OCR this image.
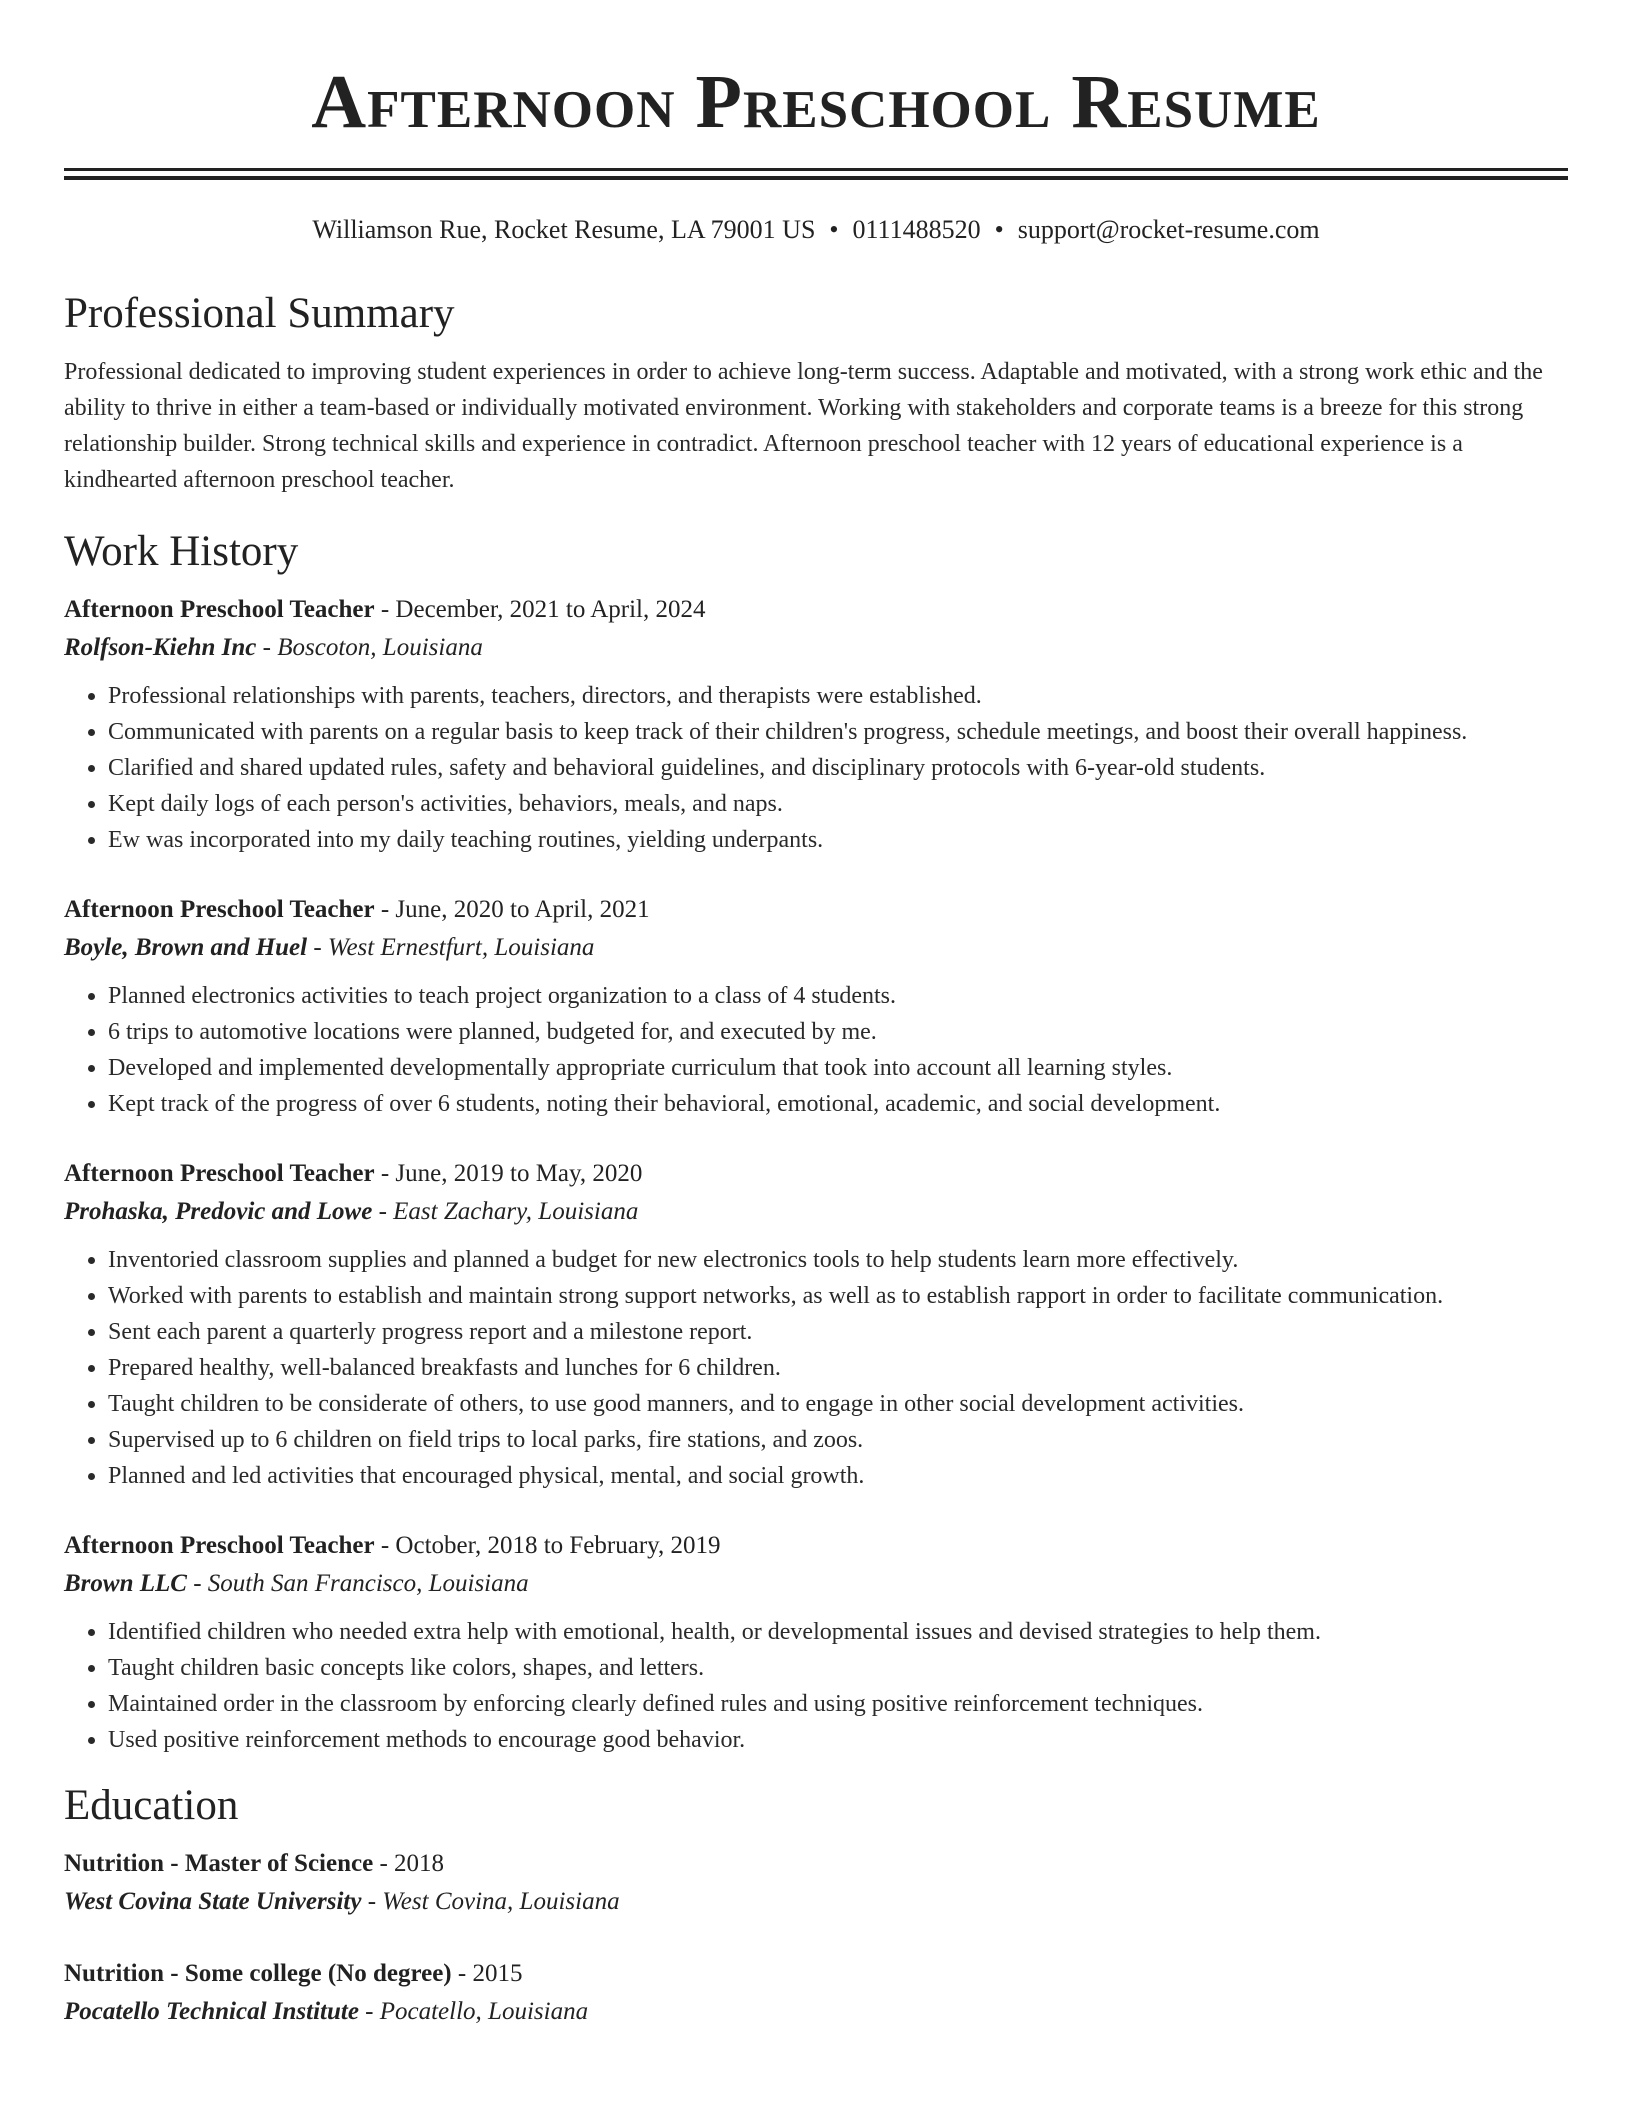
Afternoon Preschool Resume
Williamson Rue, Rocket Resume, LA 79001 US • 0111488520 • support@rocket-resume.com
Professional Summary

Professional dedicated to improving student experiences in order to achieve long-term success. Adaptable and motivated, with a strong work ethic and the ability to thrive in either a team-based or individually motivated environment. Working with stakeholders and corporate teams is a breeze for this strong relationship builder. Strong technical skills and experience in contradict. Afternoon preschool teacher with 12 years of educational experience is a kindhearted afternoon preschool teacher.

Work History
Afternoon Preschool Teacher - December, 2021 to April, 2024
Rolfson-Kiehn Inc - Boscoton, Louisiana
• Professional relationships with parents, teachers, directors, and therapists were established.
• Communicated with parents on a regular basis to keep track of their children's progress, schedule meetings, and boost their overall happiness.
• Clarified and shared updated rules, safety and behavioral guidelines, and disciplinary protocols with 6-year-old students.
• Kept daily logs of each person's activities, behaviors, meals, and naps.
• Ew was incorporated into my daily teaching routines, yielding underpants.
Afternoon Preschool Teacher - June, 2020 to April, 2021
Boyle, Brown and Huel - West Ernestfurt, Louisiana
• Planned electronics activities to teach project organization to a class of 4 students.
• 6 trips to automotive locations were planned, budgeted for, and executed by me.
• Developed and implemented developmentally appropriate curriculum that took into account all learning styles.
• Kept track of the progress of over 6 students, noting their behavioral, emotional, academic, and social development.
Afternoon Preschool Teacher - June, 2019 to May, 2020
Prohaska, Predovic and Lowe - East Zachary, Louisiana
• Inventoried classroom supplies and planned a budget for new electronics tools to help students learn more effectively.
• Worked with parents to establish and maintain strong support networks, as well as to establish rapport in order to facilitate communication.
• Sent each parent a quarterly progress report and a milestone report.
• Prepared healthy, well-balanced breakfasts and lunches for 6 children.
• Taught children to be considerate of others, to use good manners, and to engage in other social development activities.
• Supervised up to 6 children on field trips to local parks, fire stations, and zoos.
• Planned and led activities that encouraged physical, mental, and social growth.
Afternoon Preschool Teacher - October, 2018 to February, 2019
Brown LLC - South San Francisco, Louisiana
• Identified children who needed extra help with emotional, health, or developmental issues and devised strategies to help them.
• Taught children basic concepts like colors, shapes, and letters.
• Maintained order in the classroom by enforcing clearly defined rules and using positive reinforcement techniques.
• Used positive reinforcement methods to encourage good behavior.
Education
Nutrition - Master of Science - 2018
West Covina State University - West Covina, Louisiana
Nutrition - Some college (No degree) - 2015
Pocatello Technical Institute - Pocatello, Louisiana
